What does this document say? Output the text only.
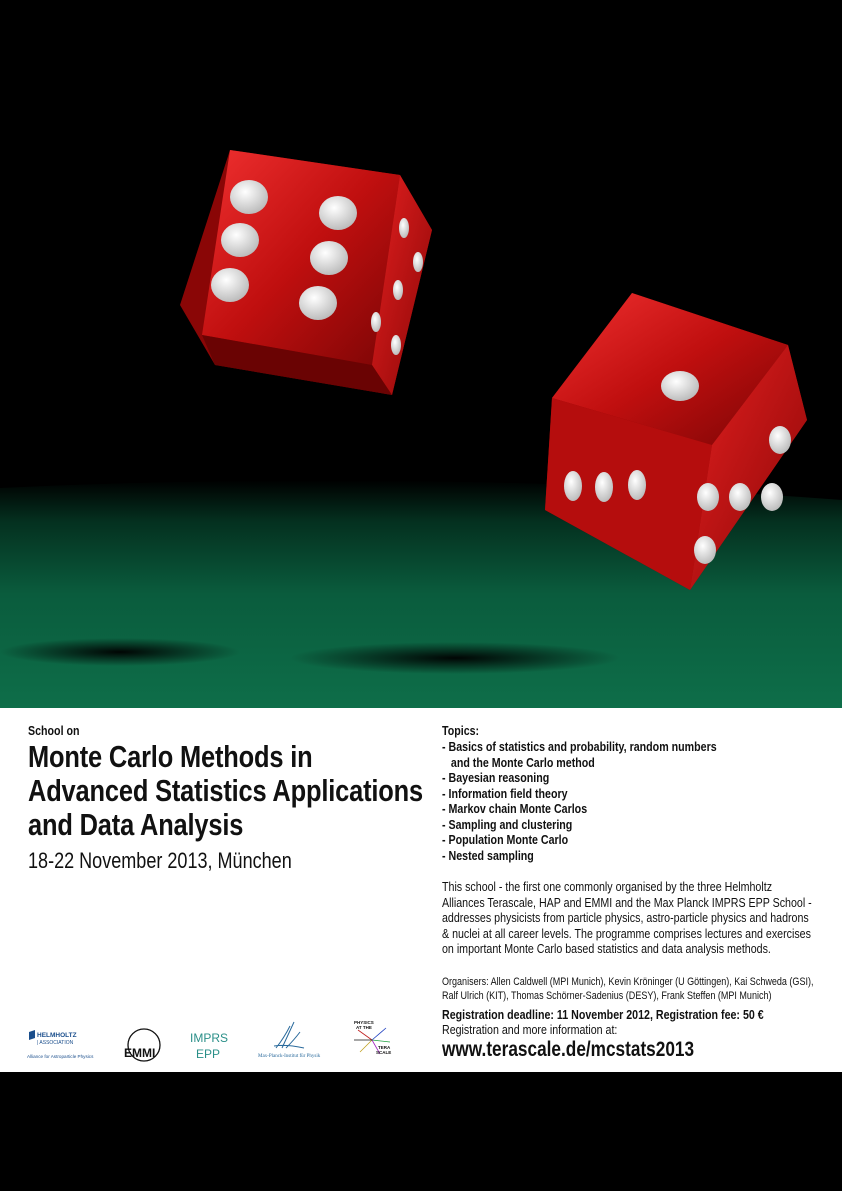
School on
Monte Carlo Methods in
Advanced Statistics Applications
and Data Analysis
18-22 November 2013, München
Topics:
- Basics of statistics and probability, random numbers
and the Monte Carlo method
- Bayesian reasoning
- Information field theory
- Markov chain Monte Carlos
- Sampling and clustering
- Population Monte Carlo
- Nested sampling
This school - the first one commonly organised by the three Helmholtz Alliances Terascale, HAP and EMMI and the Max Planck IMPRS EPP School - addresses physicists from particle physics, astro-particle physics and hadrons & nuclei at all career levels. The programme comprises lectures and exercises on important Monte Carlo based statistics and data analysis methods.
Organisers: Allen Caldwell (MPI Munich), Kevin Kröninger (U Göttingen), Kai Schweda (GSI), Ralf Ulrich (KIT), Thomas Schörner-Sadenius (DESY), Frank Steffen (MPI Munich)
Registration deadline: 11 November 2012, Registration fee: 50 €
Registration and more information at:
www.terascale.de/mcstats2013
HELMHOLTZ
| ASSOCIATION
Alliance for Astroparticle Physics	EMMI
IMPRS
EPP	Max-Planck-Institut für Physik
PHYSICS
AT THE
TERA
SCALE
